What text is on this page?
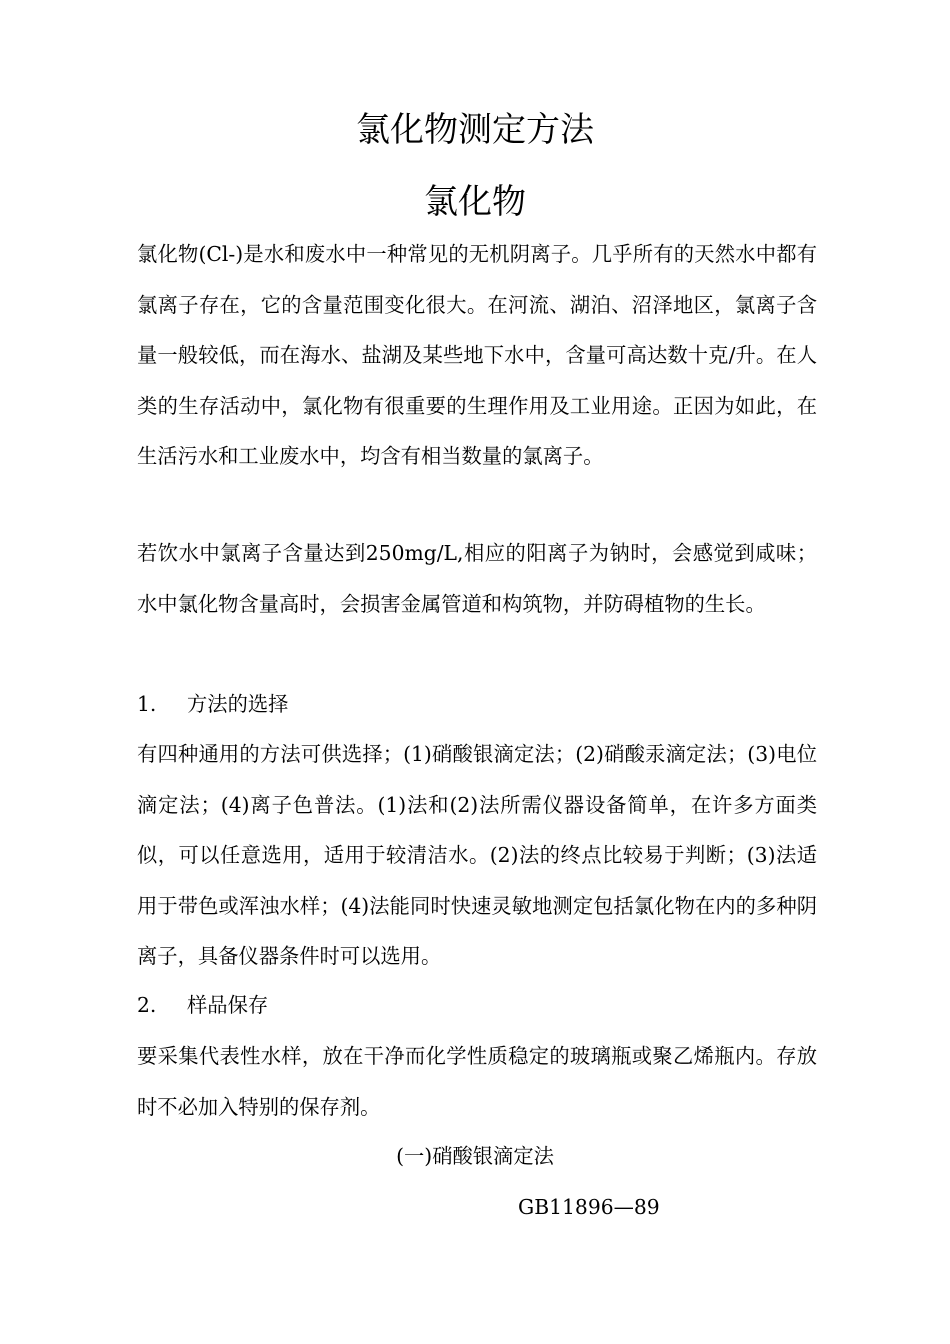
氯化物测定方法
氯化物

氯化物(Cl-)是水和废水中一种常见的无机阴离子。几乎所有的天然水中都有氯离子存在，它的含量范围变化很大。在河流、湖泊、沼泽地区，氯离子含量一般较低，而在海水、盐湖及某些地下水中，含量可高达数十克/升。在人类的生存活动中，氯化物有很重要的生理作用及工业用途。正因为如此，在生活污水和工业废水中，均含有相当数量的氯离子。

若饮水中氯离子含量达到250mg/L,相应的阳离子为钠时，会感觉到咸味；水中氯化物含量高时，会损害金属管道和构筑物，并防碍植物的生长。

1. 方法的选择

有四种通用的方法可供选择；(1)硝酸银滴定法；(2)硝酸汞滴定法；(3)电位滴定法；(4)离子色普法。(1)法和(2)法所需仪器设备简单，在许多方面类似，可以任意选用，适用于较清洁水。(2)法的终点比较易于判断；(3)法适用于带色或浑浊水样；(4)法能同时快速灵敏地测定包括氯化物在内的多种阴离子，具备仪器条件时可以选用。

2. 样品保存

要采集代表性水样，放在干净而化学性质稳定的玻璃瓶或聚乙烯瓶内。存放时不必加入特别的保存剂。

(一)硝酸银滴定法

GB11896—89
